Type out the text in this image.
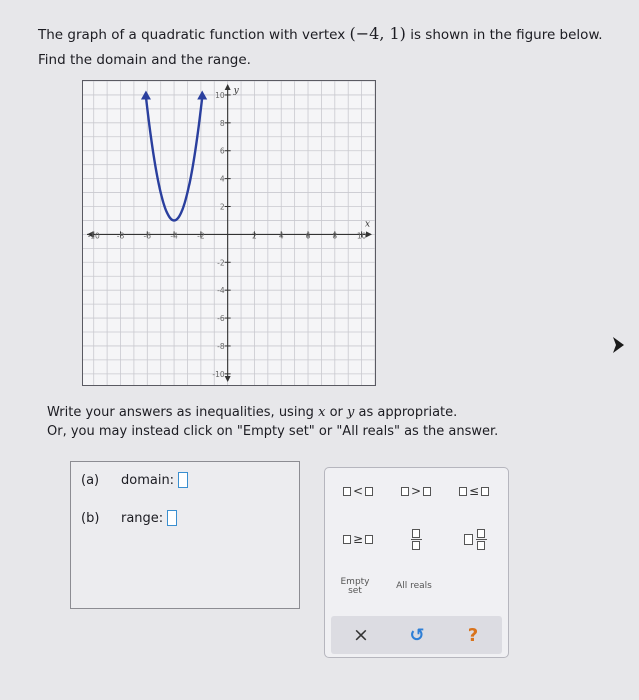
The graph of a quadratic function with vertex (−4, 1) is shown in the figure below.
Find the domain and the range.
x
y
-10 -8	-6	-4	-2	2	4	6	8	10
10
8
6
4
2
-2
-4
-6
-8
-10
Write your answers as inequalities, using x or y as appropriate.
Or, you may instead click on "Empty set" or "All reals" as the answer.
(a)	domain:
(b)	range:
<	>	≤
≥
Empty
set	All reals
×	↺	?
